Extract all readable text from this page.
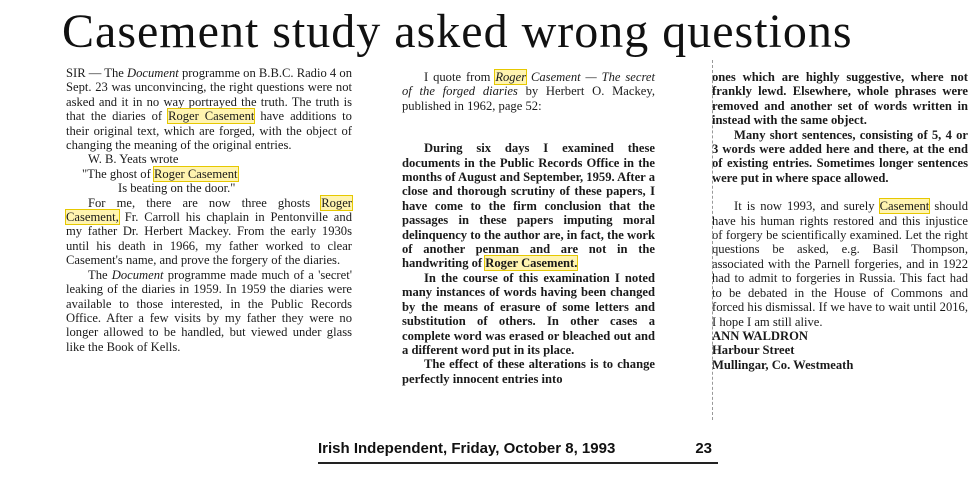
Casement study asked wrong questions

SIR — The Document programme on B.B.C. Radio 4 on Sept. 23 was unconvincing, the right questions were not asked and it in no way portrayed the truth. The truth is that the diaries of Roger Casement have additions to their original text, which are forged, with the object of changing the meaning of the original entries.

W. B. Yeats wrote

"The ghost of Roger Casement

Is beating on the door."

For me, there are now three ghosts Roger Casement, Fr. Carroll his chaplain in Pentonville and my father Dr. Herbert Mackey. From the early 1930s until his death in 1966, my father worked to clear Casement's name, and prove the forgery of the diaries.

The Document programme made much of a 'secret' leaking of the diaries in 1959. In 1959 the diaries were available to those interested, in the Public Records Office. After a few visits by my father they were no longer allowed to be handled, but viewed under glass like the Book of Kells.

I quote from Roger Casement — The secret of the forged diaries by Herbert O. Mackey, published in 1962, page 52:

During six days I examined these documents in the Public Records Office in the months of August and September, 1959. After a close and thorough scrutiny of these papers, I have come to the firm conclusion that the passages in these papers imputing moral delinquency to the author are, in fact, the work of another penman and are not in the handwriting of Roger Casement.

In the course of this examination I noted many instances of words having been changed by the means of erasure of some letters and substitution of others. In other cases a complete word was erased or bleached out and a different word put in its place.

The effect of these alterations is to change perfectly innocent entries into

ones which are highly suggestive, where not frankly lewd. Elsewhere, whole phrases were removed and another set of words written in instead with the same object.

Many short sentences, consisting of 5, 4 or 3 words were added here and there, at the end of existing entries. Sometimes longer sentences were put in where space allowed.

It is now 1993, and surely Casement should have his human rights restored and this injustice of forgery be scientifically examined. Let the right questions be asked, e.g. Basil Thompson, associated with the Parnell forgeries, and in 1922 had to admit to forgeries in Russia. This fact had to be debated in the House of Commons and forced his dismissal. If we have to wait until 2016, I hope I am still alive.

ANN WALDRON

Harbour Street

Mullingar, Co. Westmeath

Irish Independent, Friday, October 8, 1993	23
